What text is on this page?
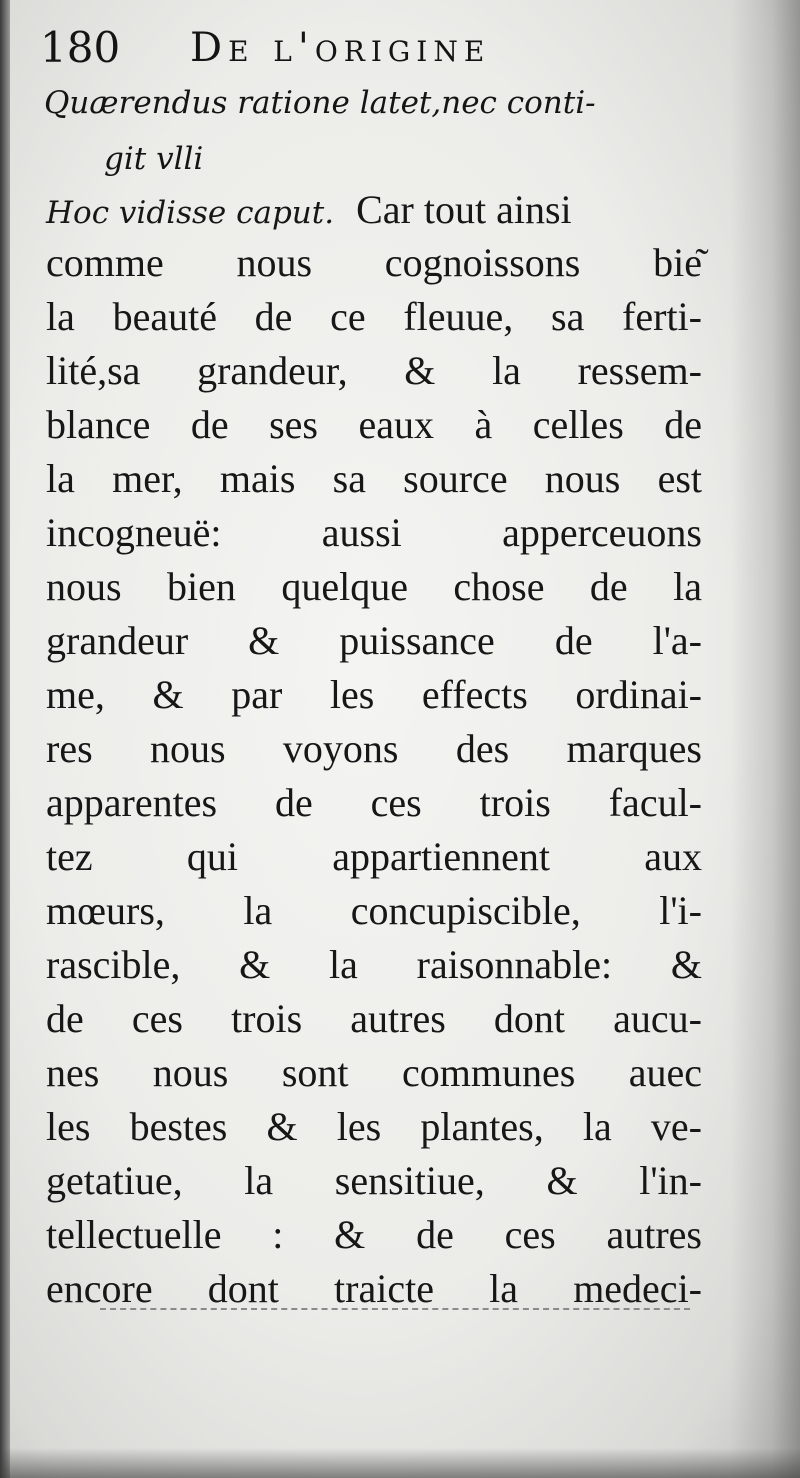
180 De l'origine
Quærendus ratione latet,nec conti-
git vlli
Hoc vidisse caput. Car tout ainsi
comme nous cognoissons bie͂
la beauté de ce fleuue, sa ferti-
lité,sa grandeur, & la ressem-
blance de ses eaux à celles de
la mer, mais sa source nous est
incogneuë: aussi apperceuons
nous bien quelque chose de la
grandeur & puissance de l'a-
me, & par les effects ordinai-
res nous voyons des marques
apparentes de ces trois facul-
tez qui appartiennent aux
mœurs, la concupiscible, l'i-
rascible, & la raisonnable: &
de ces trois autres dont aucu-
nes nous sont communes auec
les bestes & les plantes, la ve-
getatiue, la sensitiue, & l'in-
tellectuelle : & de ces autres
encore dont traicte la medeci-
